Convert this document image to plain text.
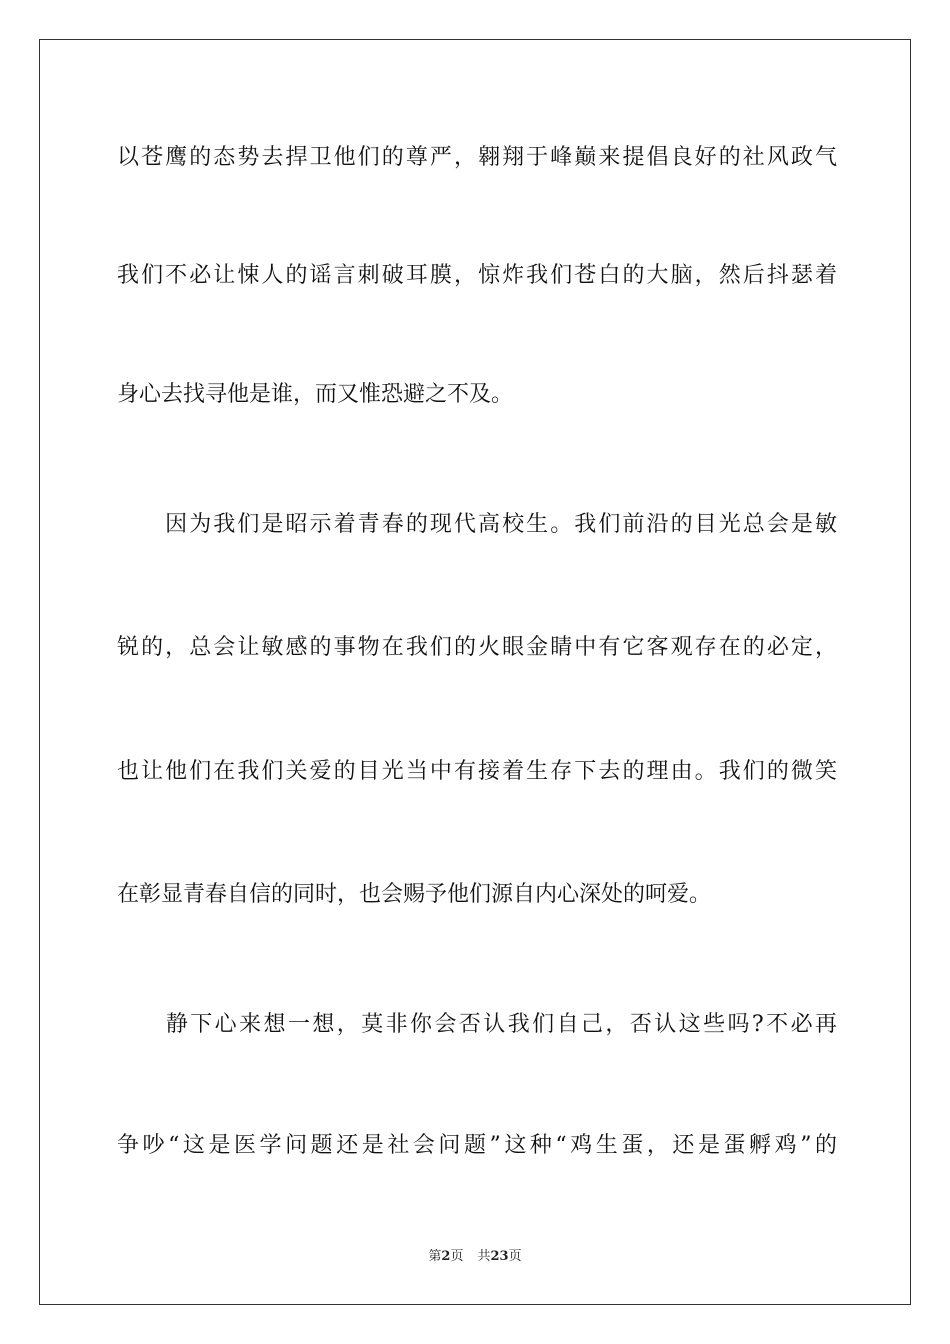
以苍鹰的态势去捍卫他们的尊严，翱翔于峰巅来提倡良好的社风政气
我们不必让悚人的谣言刺破耳膜，惊炸我们苍白的大脑，然后抖瑟着
身心去找寻他是谁，而又惟恐避之不及。
　　因为我们是昭示着青春的现代高校生。我们前沿的目光总会是敏
锐的，总会让敏感的事物在我们的火眼金睛中有它客观存在的必定，
也让他们在我们关爱的目光当中有接着生存下去的理由。我们的微笑
在彰显青春自信的同时，也会赐予他们源自内心深处的呵爱。
　　静下心来想一想，莫非你会否认我们自己，否认这些吗?不必再
争吵“这是医学问题还是社会问题”这种“鸡生蛋，还是蛋孵鸡”的
第2页 共23页
